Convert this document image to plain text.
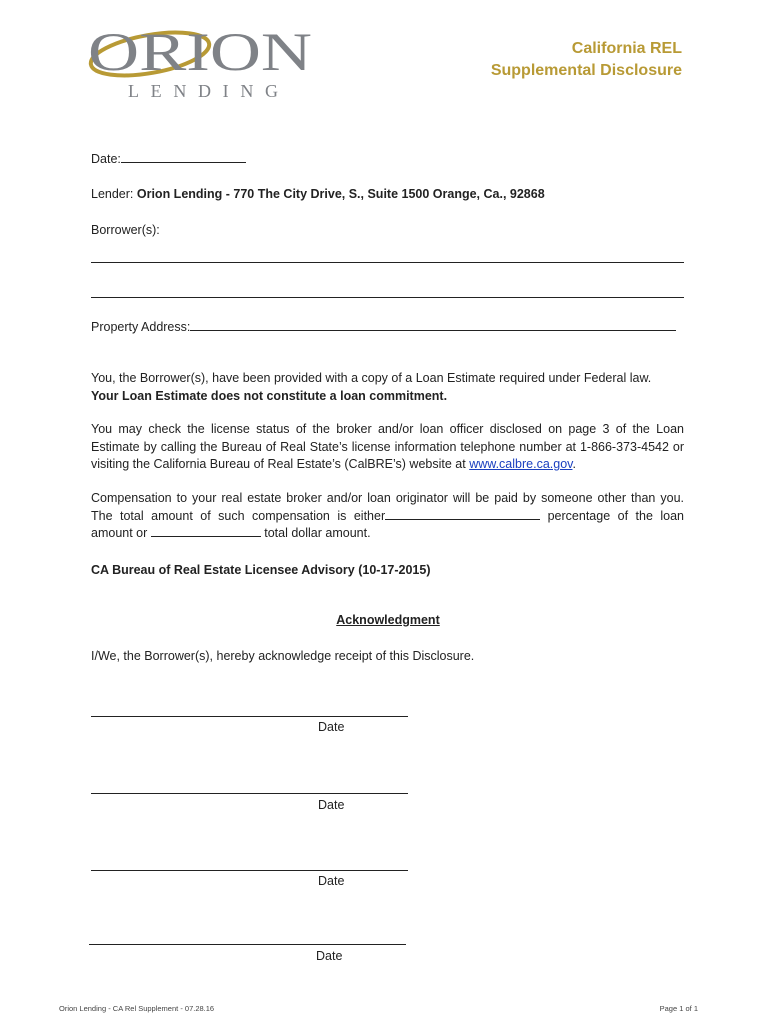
ORION
LENDING
California REL
Supplemental Disclosure
Date:
Lender: Orion Lending - 770 The City Drive, S., Suite 1500 Orange, Ca., 92868
Borrower(s):
Property Address:
You, the Borrower(s), have been provided with a copy of a Loan Estimate required under Federal law.
Your Loan Estimate does not constitute a loan commitment.
You may check the license status of the broker and/or loan officer disclosed on page 3 of the Loan Estimate by calling the Bureau of Real State’s license information telephone number at 1-866-373-4542 or visiting the California Bureau of Real Estate’s (CalBRE’s) website at www.calbre.ca.gov.
Compensation to your real estate broker and/or loan originator will be paid by someone other than you. The total amount of such compensation is either	percentage of the loan amount or	total dollar amount.
CA Bureau of Real Estate Licensee Advisory (10-17-2015)
Acknowledgment
I/We, the Borrower(s), hereby acknowledge receipt of this Disclosure.
Date
Date
Date
Date
Orion Lending - CA Rel Supplement - 07.28.16	Page 1 of 1
